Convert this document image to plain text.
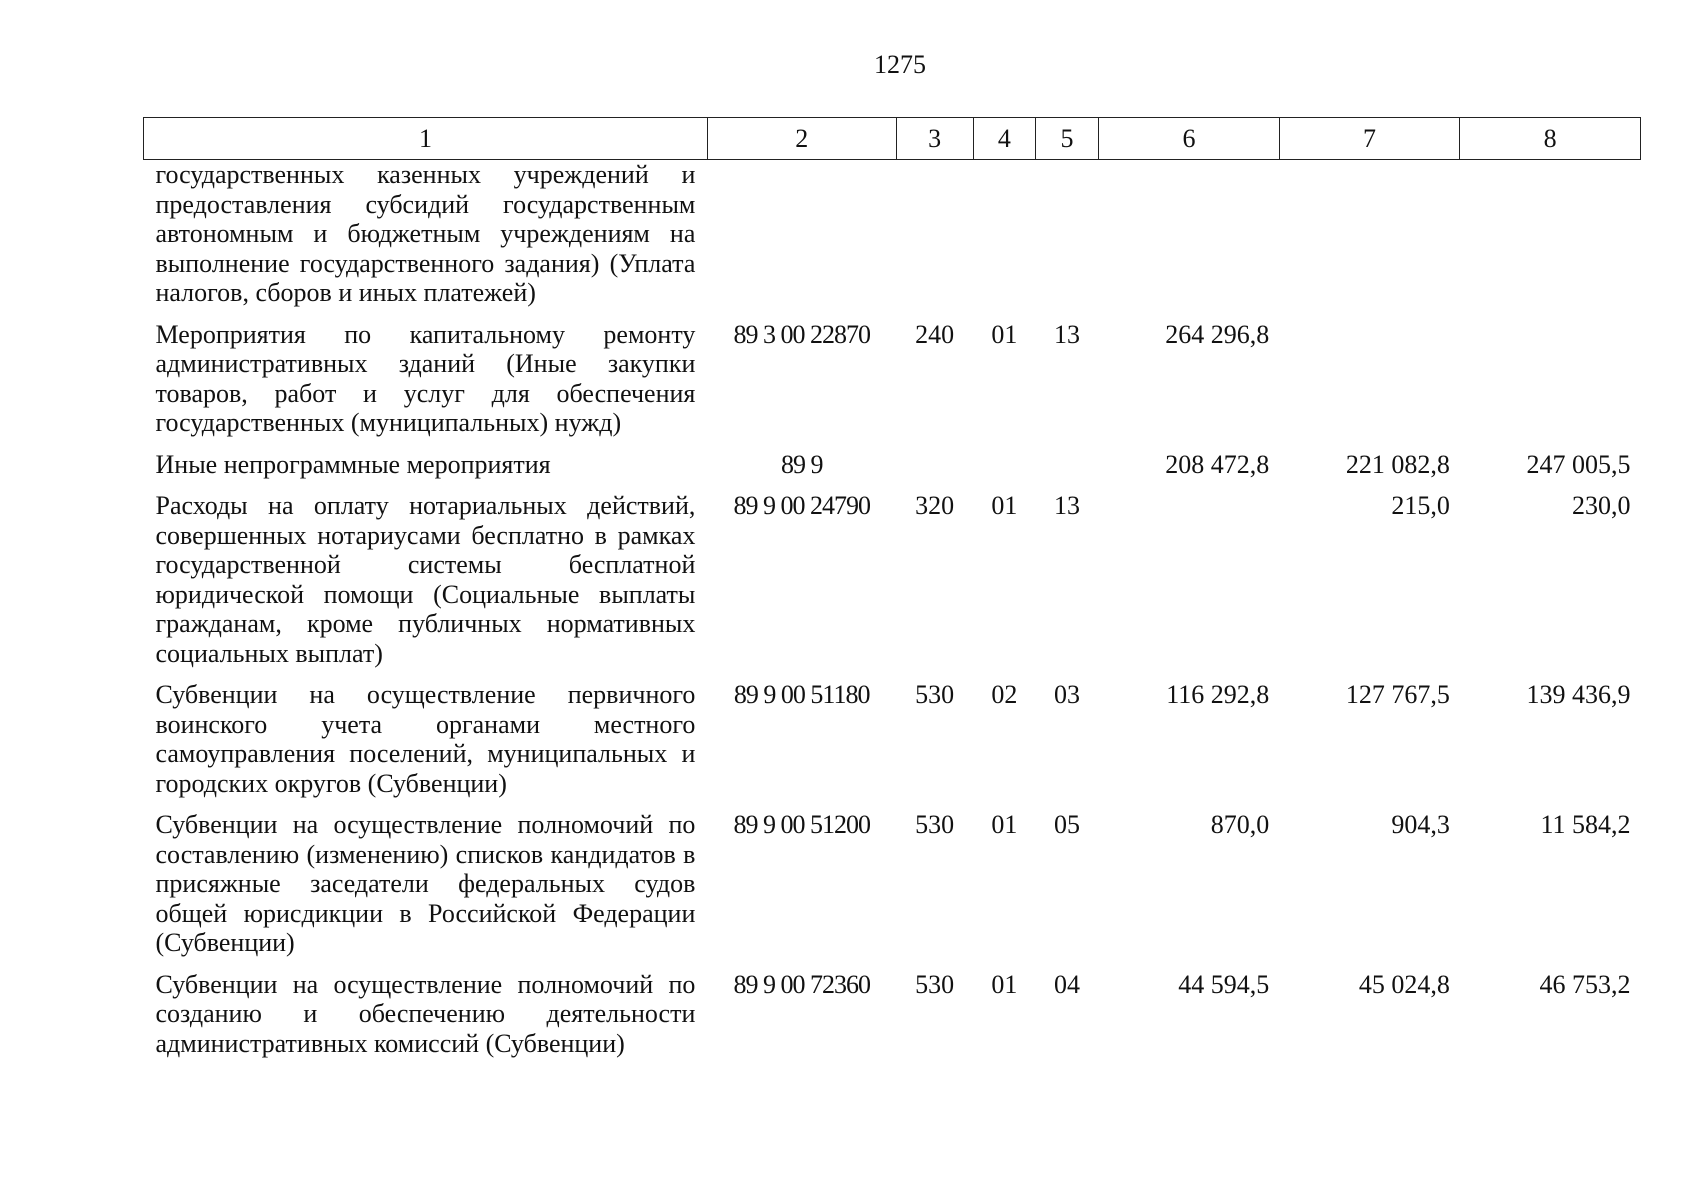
1275
1	2	3	4	5	6	7	8
государственных казенных учреждений и предоставления субсидий государственным автономным и бюджетным учреждениям на выполнение государственного задания) (Уплата налогов, сборов и иных платежей)							
Мероприятия по капитальному ремонту административных зданий (Иные закупки товаров, работ и услуг для обеспечения государственных (муниципальных) нужд)	89 3 00 22870	240	01	13	264 296,8		
Иные непрограммные мероприятия	89 9				208 472,8	221 082,8	247 005,5
Расходы на оплату нотариальных действий, совершенных нотариусами бесплатно в рамках государственной системы бесплатной юридической помощи (Социальные выплаты гражданам, кроме публичных нормативных социальных выплат)	89 9 00 24790	320	01	13		215,0	230,0
Субвенции на осуществление первичного воинского учета органами местного самоуправления поселений, муниципальных и городских округов (Субвенции)	89 9 00 51180	530	02	03	116 292,8	127 767,5	139 436,9
Субвенции на осуществление полномочий по составлению (изменению) списков кандидатов в присяжные заседатели федеральных судов общей юрисдикции в Российской Федерации (Субвенции)	89 9 00 51200	530	01	05	870,0	904,3	11 584,2
Субвенции на осуществление полномочий по созданию и обеспечению деятельности административных комиссий (Субвенции)	89 9 00 72360	530	01	04	44 594,5	45 024,8	46 753,2
